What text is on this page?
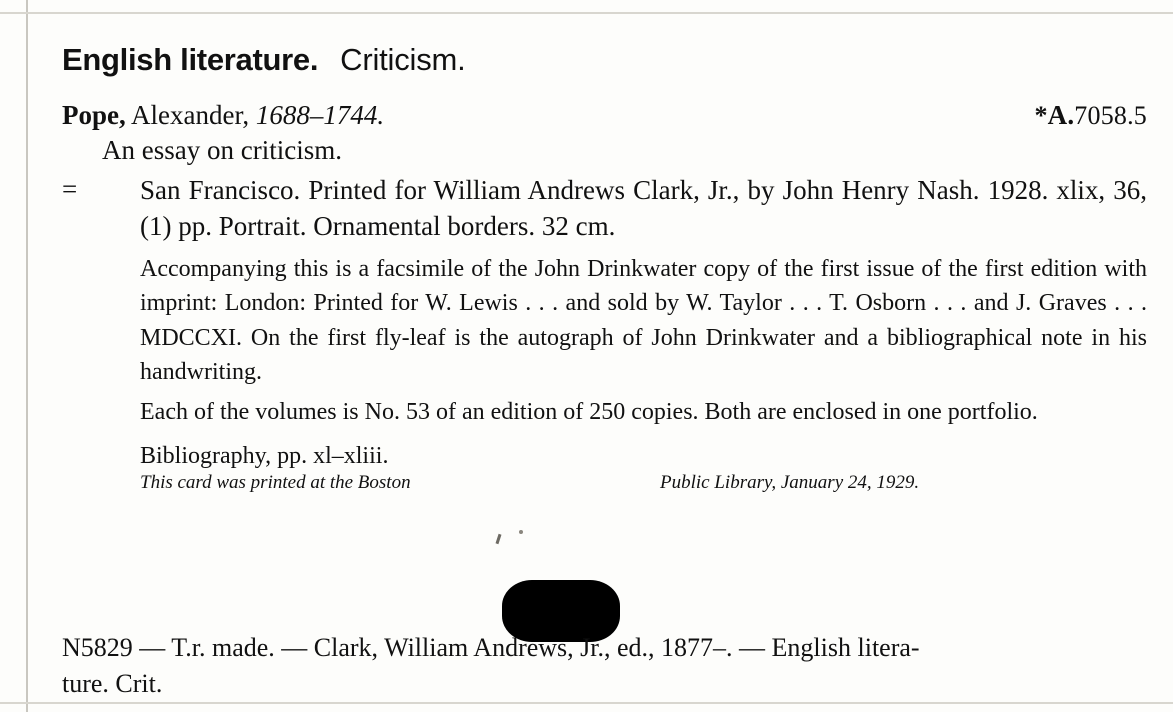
English literature. Criticism.
Pope, Alexander, 1688–1744.	*A.7058.5
An essay on criticism.
= San Francisco. Printed for William Andrews Clark, Jr., by John Henry Nash. 1928. xlix, 36, (1) pp. Portrait. Ornamental borders. 32 cm.

Accompanying this is a facsimile of the John Drinkwater copy of the first issue of the first edition with imprint: London: Printed for W. Lewis . . . and sold by W. Taylor . . . T. Osborn . . . and J. Graves . . . MDCCXI. On the first fly-leaf is the autograph of John Drinkwater and a bibliographical note in his handwriting.
Each of the volumes is No. 53 of an edition of 250 copies. Both are enclosed in one portfolio.
Bibliography, pp. xl–xliii.
This card was printed at the Boston	Public Library, January 24, 1929.
N5829 — T.r. made. — Clark, William Andrews, Jr., ed., 1877–. — English litera-
ture. Crit.
